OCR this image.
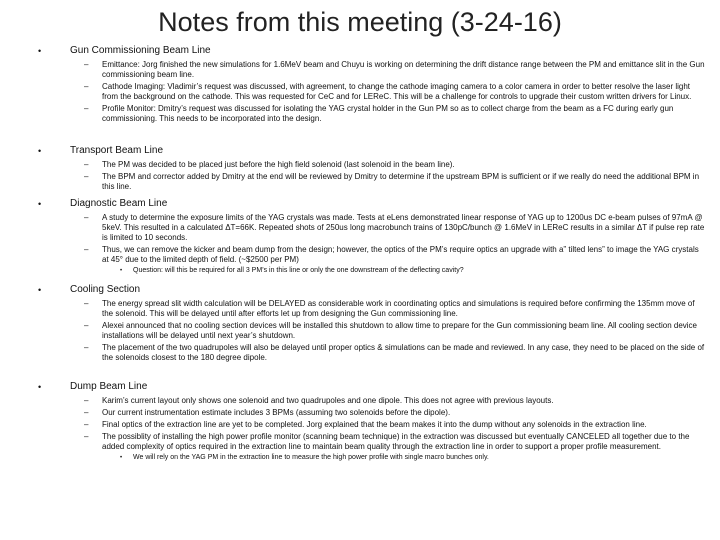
Notes from this meeting (3-24-16)
•	Gun Commissioning Beam Line
– Emittance: Jorg finished the new simulations for 1.6MeV beam and Chuyu is working on determining the drift distance range between the PM and emittance slit in the Gun commissioning beam line.
– Cathode Imaging: Vladimir’s request was discussed, with agreement, to change the cathode imaging camera to a color camera in order to better resolve the laser light from the background on the cathode. This was requested for CeC and for LEReC. This will be a challenge for controls to upgrade their custom written drivers for Linux.
– Profile Monitor: Dmitry’s request was discussed for isolating the YAG crystal holder in the Gun PM so as to collect charge from the beam as a FC during early gun commissioning. This needs to be incorporated into the design.
•	Transport Beam Line
– The PM was decided to be placed just before the high field solenoid (last solenoid in the beam line).
– The BPM and corrector added by Dmitry at the end will be reviewed by Dmitry to determine if the upstream BPM is sufficient or if we really do need the additional BPM in this line.
•	Diagnostic Beam Line
– A study to determine the exposure limits of the YAG crystals was made. Tests at eLens demonstrated linear response of YAG up to 1200us DC e-beam pulses of 97mA @ 5keV. This resulted in a calculated ΔT=66K. Repeated shots of 250us long macrobunch trains of 130pC/bunch @ 1.6MeV in LEReC results in a similar ΔT if pulse rep rate is limited to 10 seconds.
– Thus, we can remove the kicker and beam dump from the design; however, the optics of the PM’s require optics an upgrade with a” tilted lens” to image the YAG crystals at 45° due to the limited depth of field. (~$2500 per PM)
• Question: will this be required for all 3 PM’s in this line or only the one downstream of the deflecting cavity?
•	Cooling Section
– The energy spread slit width calculation will be DELAYED as considerable work in coordinating optics and simulations is required before confirming the 135mm move of the solenoid. This will be delayed until after efforts let up from designing the Gun commissioning line.
– Alexei announced that no cooling section devices will be installed this shutdown to allow time to prepare for the Gun commissioning beam line. All cooling section device installations will be delayed until next year’s shutdown.
– The placement of the two quadrupoles will also be delayed until proper optics & simulations can be made and reviewed. In any case, they need to be placed on the side of the solenoids closest to the 180 degree dipole.
•	Dump Beam Line
– Karim’s current layout only shows one solenoid and two quadrupoles and one dipole. This does not agree with previous layouts.
– Our current instrumentation estimate includes 3 BPMs (assuming two solenoids before the dipole).
– Final optics of the extraction line are yet to be completed. Jorg explained that the beam makes it into the dump without any solenoids in the extraction line.
– The possiblity of installing the high power profile monitor (scanning beam technique) in the extraction was discussed but eventually CANCELED all together due to the added complexity of optics required in the extraction line to maintain beam quality through the extraction line in order to support a proper profile measurement.
• We will rely on the YAG PM in the extraction line to measure the high power profile with single macro bunches only.
